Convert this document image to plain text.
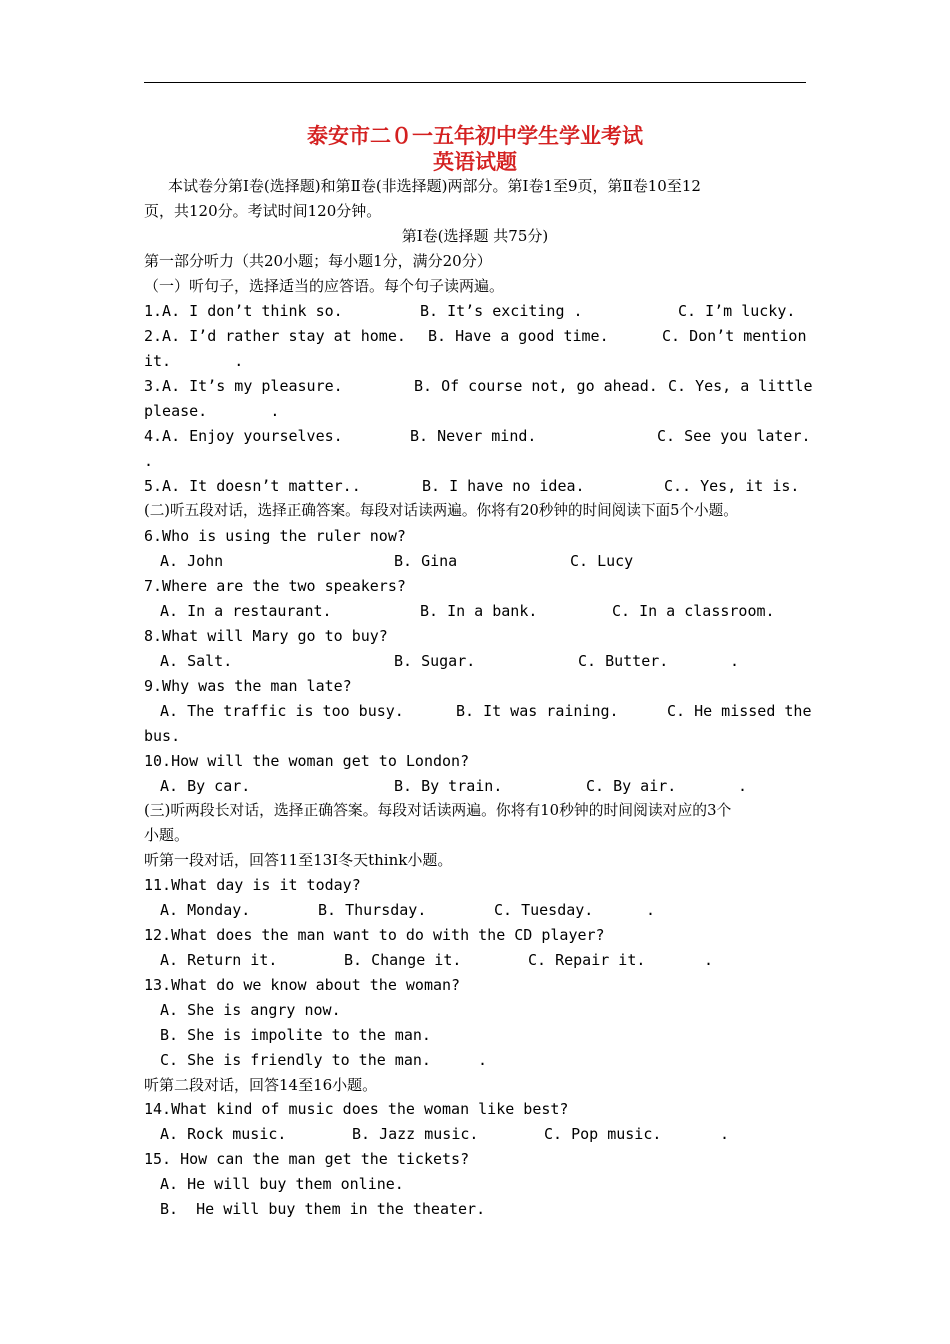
泰安市二０一五年初中学生学业考试
英语试题
本试卷分第Ⅰ卷(选择题)和第Ⅱ卷(非选择题)两部分。第Ⅰ卷1至9页，第Ⅱ卷10至12
页，共120分。考试时间120分钟。
第Ⅰ卷(选择题 共75分)
第一部分听力（共20小题；每小题1分，满分20分）
（一）听句子，选择适当的应答语。每个句子读两遍。
1.A. I don’t think so.	B. It’s exciting .	C. I’m lucky.
2.A. I’d rather stay at home. B. Have a good time.	C. Don’t mention
it.       .
3.A. It’s my pleasure.	B. Of course not, go ahead. C. Yes, a little
please.       .
4.A. Enjoy yourselves.	B. Never mind.	C. See you later.
.
5.A. It doesn’t matter..	B. I have no idea.	C.. Yes, it is.
(二)听五段对话，选择正确答案。每段对话读两遍。你将有20秒钟的时间阅读下面5个小题。
6.Who is using the ruler now?
A. John	B. Gina	C. Lucy
7.Where are the two speakers?
A. In a restaurant.	B. In a bank.	C. In a classroom.
8.What will Mary go to buy?
A. Salt.	B. Sugar.	C. Butter.	.
9.Why was the man late?
A. The traffic is too busy.	B. It was raining.	C. He missed the
bus.
10.How will the woman get to London?
A. By car.	B. By train.	C. By air.	.
(三)听两段长对话，选择正确答案。每段对话读两遍。你将有10秒钟的时间阅读对应的3个
小题。
听第一段对话，回答11至13I冬天think小题。
11.What day is it today?
A. Monday.	B. Thursday.	C. Tuesday.	.
12.What does the man want to do with the CD player?
A. Return it.	B. Change it.	C. Repair it.	.
13.What do we know about the woman?
A. She is angry now.
B. She is impolite to the man.
C. She is friendly to the man.	.
听第二段对话，回答14至16小题。
14.What kind of music does the woman like best?
A. Rock music.	B. Jazz music.	C. Pop music.	.
15. How can the man get the tickets?
A. He will buy them online.
B.  He will buy them in the theater.
